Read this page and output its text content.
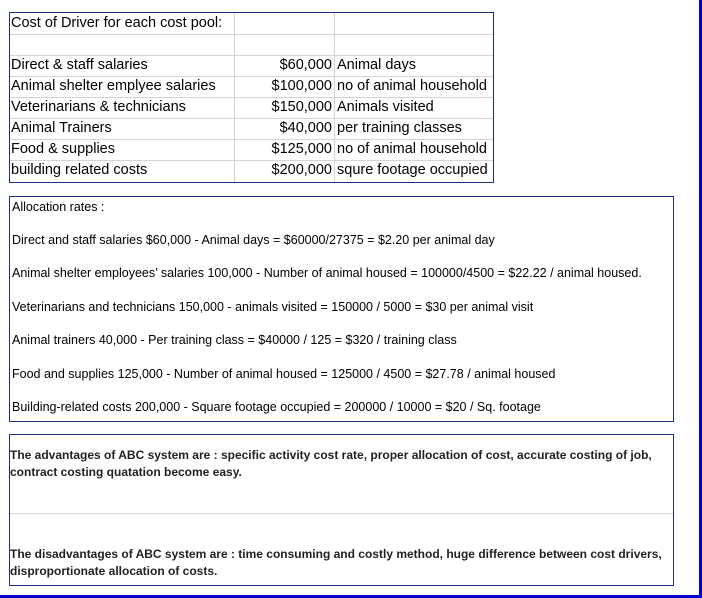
Cost of Driver for each cost pool:
Direct & staff salaries	$60,000 Animal days
Animal shelter emplyee salaries	$100,000 no of animal household
Veterinarians & technicians	$150,000 Animals visited
Animal Trainers	$40,000 per training classes
Food & supplies	$125,000 no of animal household
building related costs	$200,000 squre footage occupied
Allocation rates :
Direct and staff salaries $60,000 - Animal days = $60000/27375 = $2.20 per animal day
Animal shelter employees’ salaries 100,000 - Number of animal housed = 100000/4500 = $22.22 / animal housed.
Veterinarians and technicians 150,000 - animals visited = 150000 / 5000 = $30 per animal visit
Animal trainers 40,000 - Per training class = $40000 / 125 = $320 / training class
Food and supplies 125,000 - Number of animal housed = 125000 / 4500 = $27.78 / animal housed
Building-related costs 200,000 - Square footage occupied = 200000 / 10000 = $20 / Sq. footage
The advantages of ABC system are : specific activity cost rate, proper allocation of cost, accurate costing of job, contract costing quatation become easy.
The disadvantages of ABC system are : time consuming and costly method, huge difference between cost drivers, disproportionate allocation of costs.
